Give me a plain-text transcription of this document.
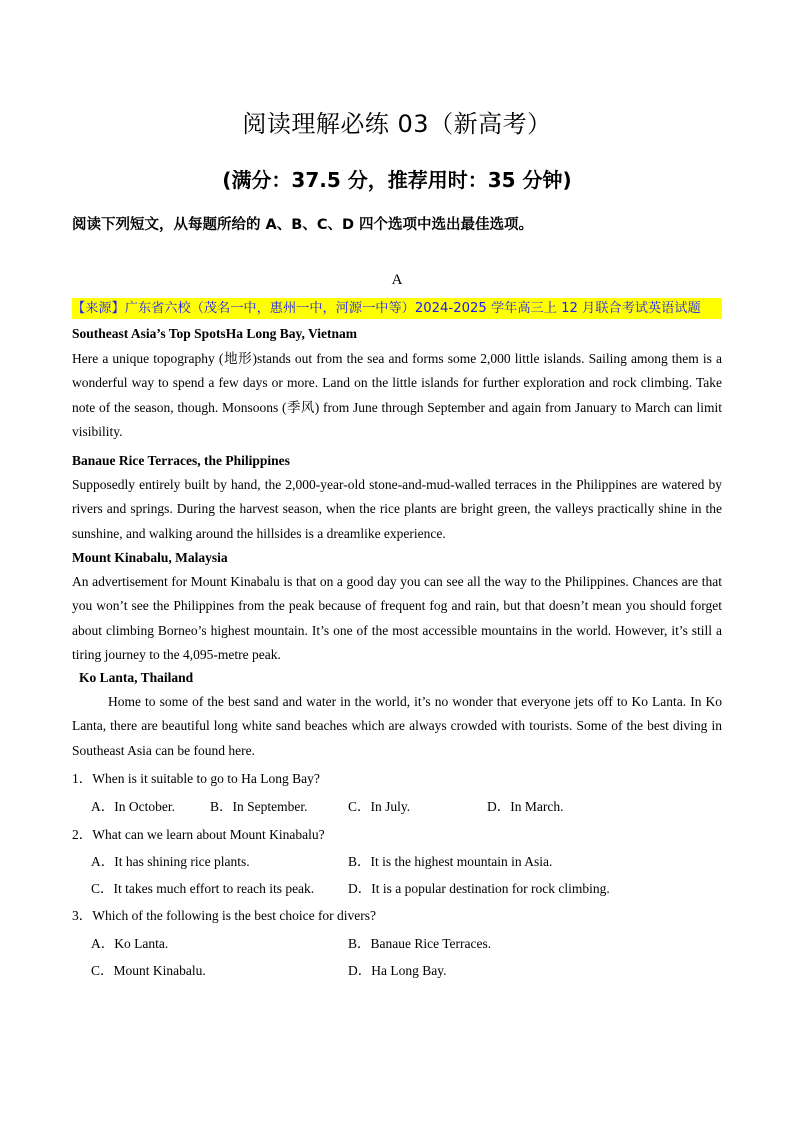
阅读理解必练 03（新高考）
(满分：37.5 分，推荐用时：35 分钟)
阅读下列短文，从每题所给的 A、B、C、D 四个选项中选出最佳选项。
A
【来源】广东省六校（茂名一中，惠州一中，河源一中等）2024-2025 学年高三上 12 月联合考试英语试题
Southeast Asia’s Top SpotsHa Long Bay, Vietnam
Here a unique topography (地形)stands out from the sea and forms some 2,000 little islands. Sailing among them is a wonderful way to spend a few days or more. Land on the little islands for further exploration and rock climbing. Take note of the season, though. Monsoons (季风) from June through September and again from January to March can limit visibility.
Banaue Rice Terraces, the Philippines
Supposedly entirely built by hand, the 2,000-year-old stone-and-mud-walled terraces in the Philippines are watered by rivers and springs. During the harvest season, when the rice plants are bright green, the valleys practically shine in the sunshine, and walking around the hillsides is a dreamlike experience.
Mount Kinabalu, Malaysia
An advertisement for Mount Kinabalu is that on a good day you can see all the way to the Philippines. Chances are that you won’t see the Philippines from the peak because of frequent fog and rain, but that doesn’t mean you should forget about climbing Borneo’s highest mountain. It’s one of the most accessible mountains in the world. However, it’s still a tiring journey to the 4,095-metre peak.
Ko Lanta, Thailand
Home to some of the best sand and water in the world, it’s no wonder that everyone jets off to Ko Lanta. In Ko Lanta, there are beautiful long white sand beaches which are always crowded with tourists. Some of the best diving in Southeast Asia can be found here.
1．When is it suitable to go to Ha Long Bay?
A．In October.	B．In September.	C．In July.	D．In March.
2．What can we learn about Mount Kinabalu?
A．It has shining rice plants.	B．It is the highest mountain in Asia.
C．It takes much effort to reach its peak.	D．It is a popular destination for rock climbing.
3．Which of the following is the best choice for divers?
A．Ko Lanta.	B．Banaue Rice Terraces.
C．Mount Kinabalu.	D．Ha Long Bay.
